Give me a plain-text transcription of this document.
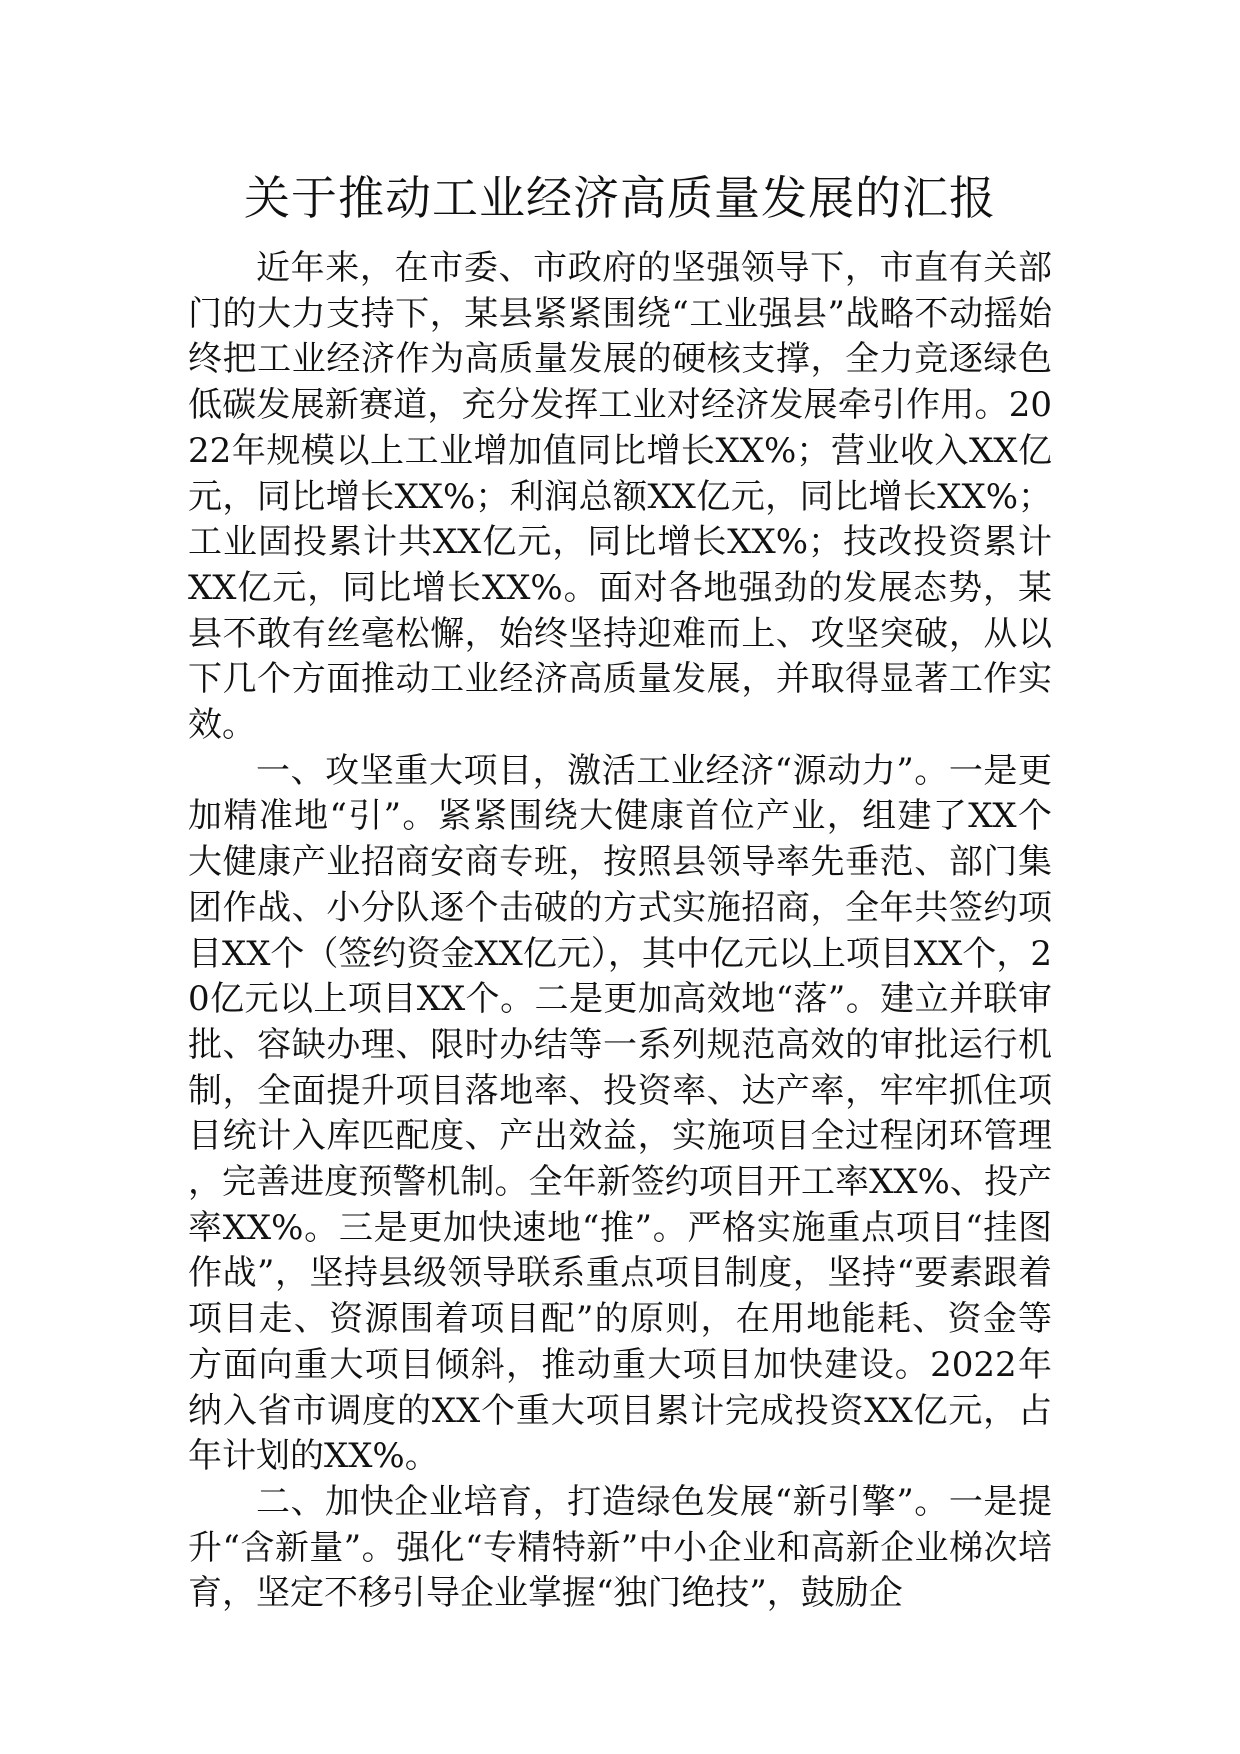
关于推动工业经济高质量发展的汇报

近年来，在市委、市政府的坚强领导下，市直有关部门的大力支持下，某县紧紧围绕“工业强县”战略不动摇始终把工业经济作为高质量发展的硬核支撑，全力竞逐绿色低碳发展新赛道，充分发挥工业对经济发展牵引作用。2022年规模以上工业增加值同比增长XX%；营业收入XX亿元，同比增长XX%；利润总额XX亿元，同比增长XX%；工业固投累计共XX亿元，同比增长XX%；技改投资累计XX亿元，同比增长XX%。面对各地强劲的发展态势，某县不敢有丝毫松懈，始终坚持迎难而上、攻坚突破，从以下几个方面推动工业经济高质量发展，并取得显著工作实效。

一、攻坚重大项目，激活工业经济“源动力”。一是更加精准地“引”。紧紧围绕大健康首位产业，组建了XX个大健康产业招商安商专班，按照县领导率先垂范、部门集团作战、小分队逐个击破的方式实施招商，全年共签约项目XX个（签约资金XX亿元），其中亿元以上项目XX个，20亿元以上项目XX个。二是更加高效地“落”。建立并联审批、容缺办理、限时办结等一系列规范高效的审批运行机制，全面提升项目落地率、投资率、达产率，牢牢抓住项目统计入库匹配度、产出效益，实施项目全过程闭环管理，完善进度预警机制。全年新签约项目开工率XX%、投产率XX%。三是更加快速地“推”。严格实施重点项目“挂图作战”，坚持县级领导联系重点项目制度，坚持“要素跟着项目走、资源围着项目配”的原则，在用地能耗、资金等方面向重大项目倾斜，推动重大项目加快建设。2022年纳入省市调度的XX个重大项目累计完成投资XX亿元，占年计划的XX%。

二、加快企业培育，打造绿色发展“新引擎”。一是提升“含新量”。强化“专精特新”中小企业和高新企业梯次培育，坚定不移引导企业掌握“独门绝技”，鼓励企
